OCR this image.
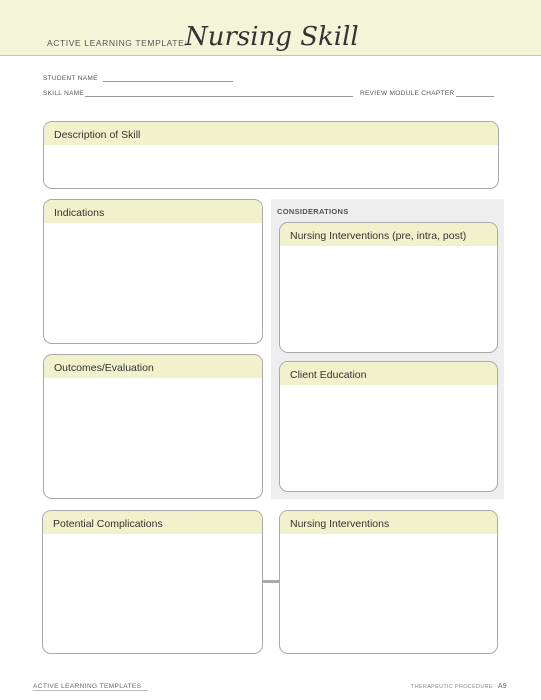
ACTIVE LEARNING TEMPLATE:
Nursing Skill
STUDENT NAME
SKILL NAME	REVIEW MODULE CHAPTER
Description of Skill
Indications
Outcomes/Evaluation
CONSIDERATIONS
Nursing Interventions (pre, intra, post)
Client Education
Potential Complications	Nursing Interventions
ACTIVE LEARNING TEMPLATES	THERAPEUTIC PROCEDURE A9
